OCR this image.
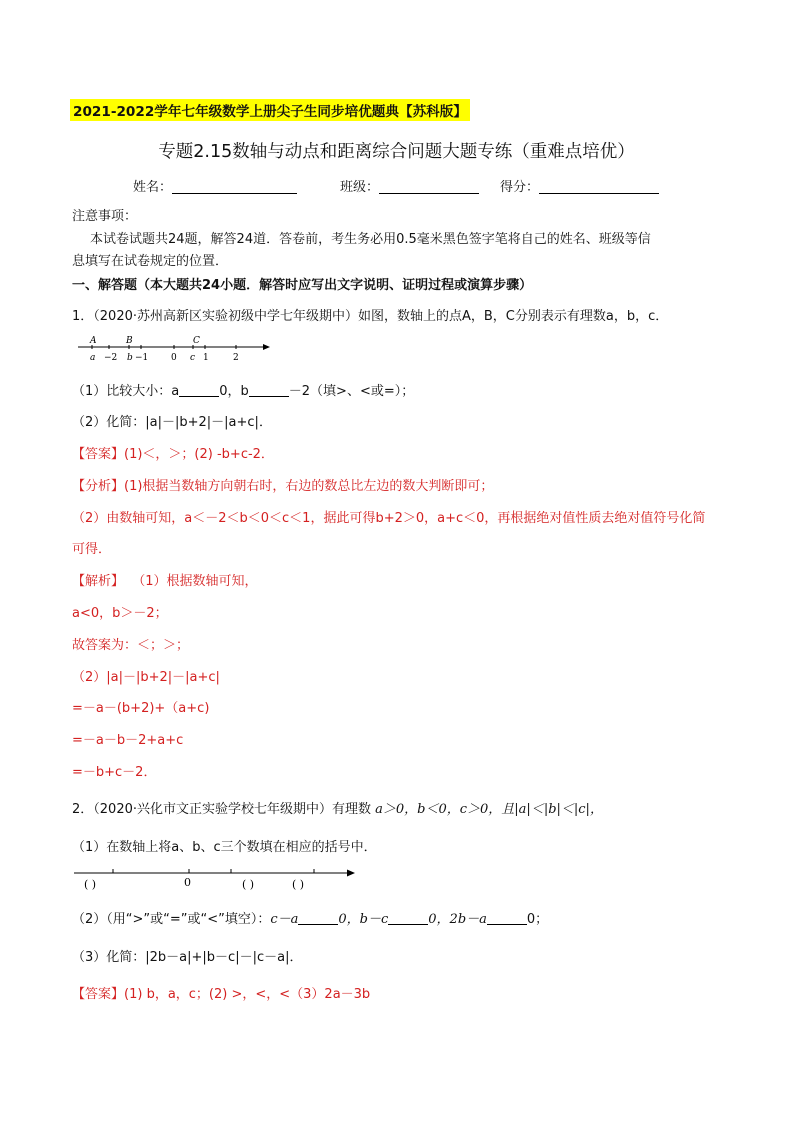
2021-2022学年七年级数学上册尖子生同步培优题典【苏科版】
专题2.15数轴与动点和距离综合问题大题专练（重难点培优）
姓名：	班级：	得分：
注意事项：
本试卷试题共24题，解答24道．答卷前，考生务必用0.5毫米黑色签字笔将自己的姓名、班级等信
息填写在试卷规定的位置．
一、解答题（本大题共24小题．解答时应写出文字说明、证明过程或演算步骤）
1．（2020·苏州高新区实验初级中学七年级期中）如图，数轴上的点A，B，C分别表示有理数a，b，c．
A	B	C
a	b	c
−2 −1	0	1	2
（1）比较大小：a	0，b	－2（填>、<或=）；
（2）化简：|a|－|b+2|－|a+c|．
【答案】(1)＜，＞；(2) -b+c-2．
【分析】(1)根据当数轴方向朝右时，右边的数总比左边的数大判断即可；
（2）由数轴可知，a＜－2＜b＜0＜c＜1，据此可得b+2＞0，a+c＜0，再根据绝对值性质去绝对值符号化简
可得．
【解析】 （1）根据数轴可知，
a<0，b＞－2；
故答案为：＜；＞；
（2）|a|－|b+2|－|a+c|
=－a－(b+2)+（a+c)
=－a－b－2+a+c
=－b+c－2．
2．（2020·兴化市文正实验学校七年级期中）有理数 a＞0，b＜0，c＞0，且|a|＜|b|＜|c|，
（1）在数轴上将a、b、c三个数填在相应的括号中．
0
( )	( )	( )
（2）（用“>”或“=”或“<”填空）：c－a	0，b－c	0，2b－a	0；
（3）化简：|2b－a|+|b－c|－|c－a|．
【答案】(1) b，a，c；(2) >，<，<（3）2a－3b
